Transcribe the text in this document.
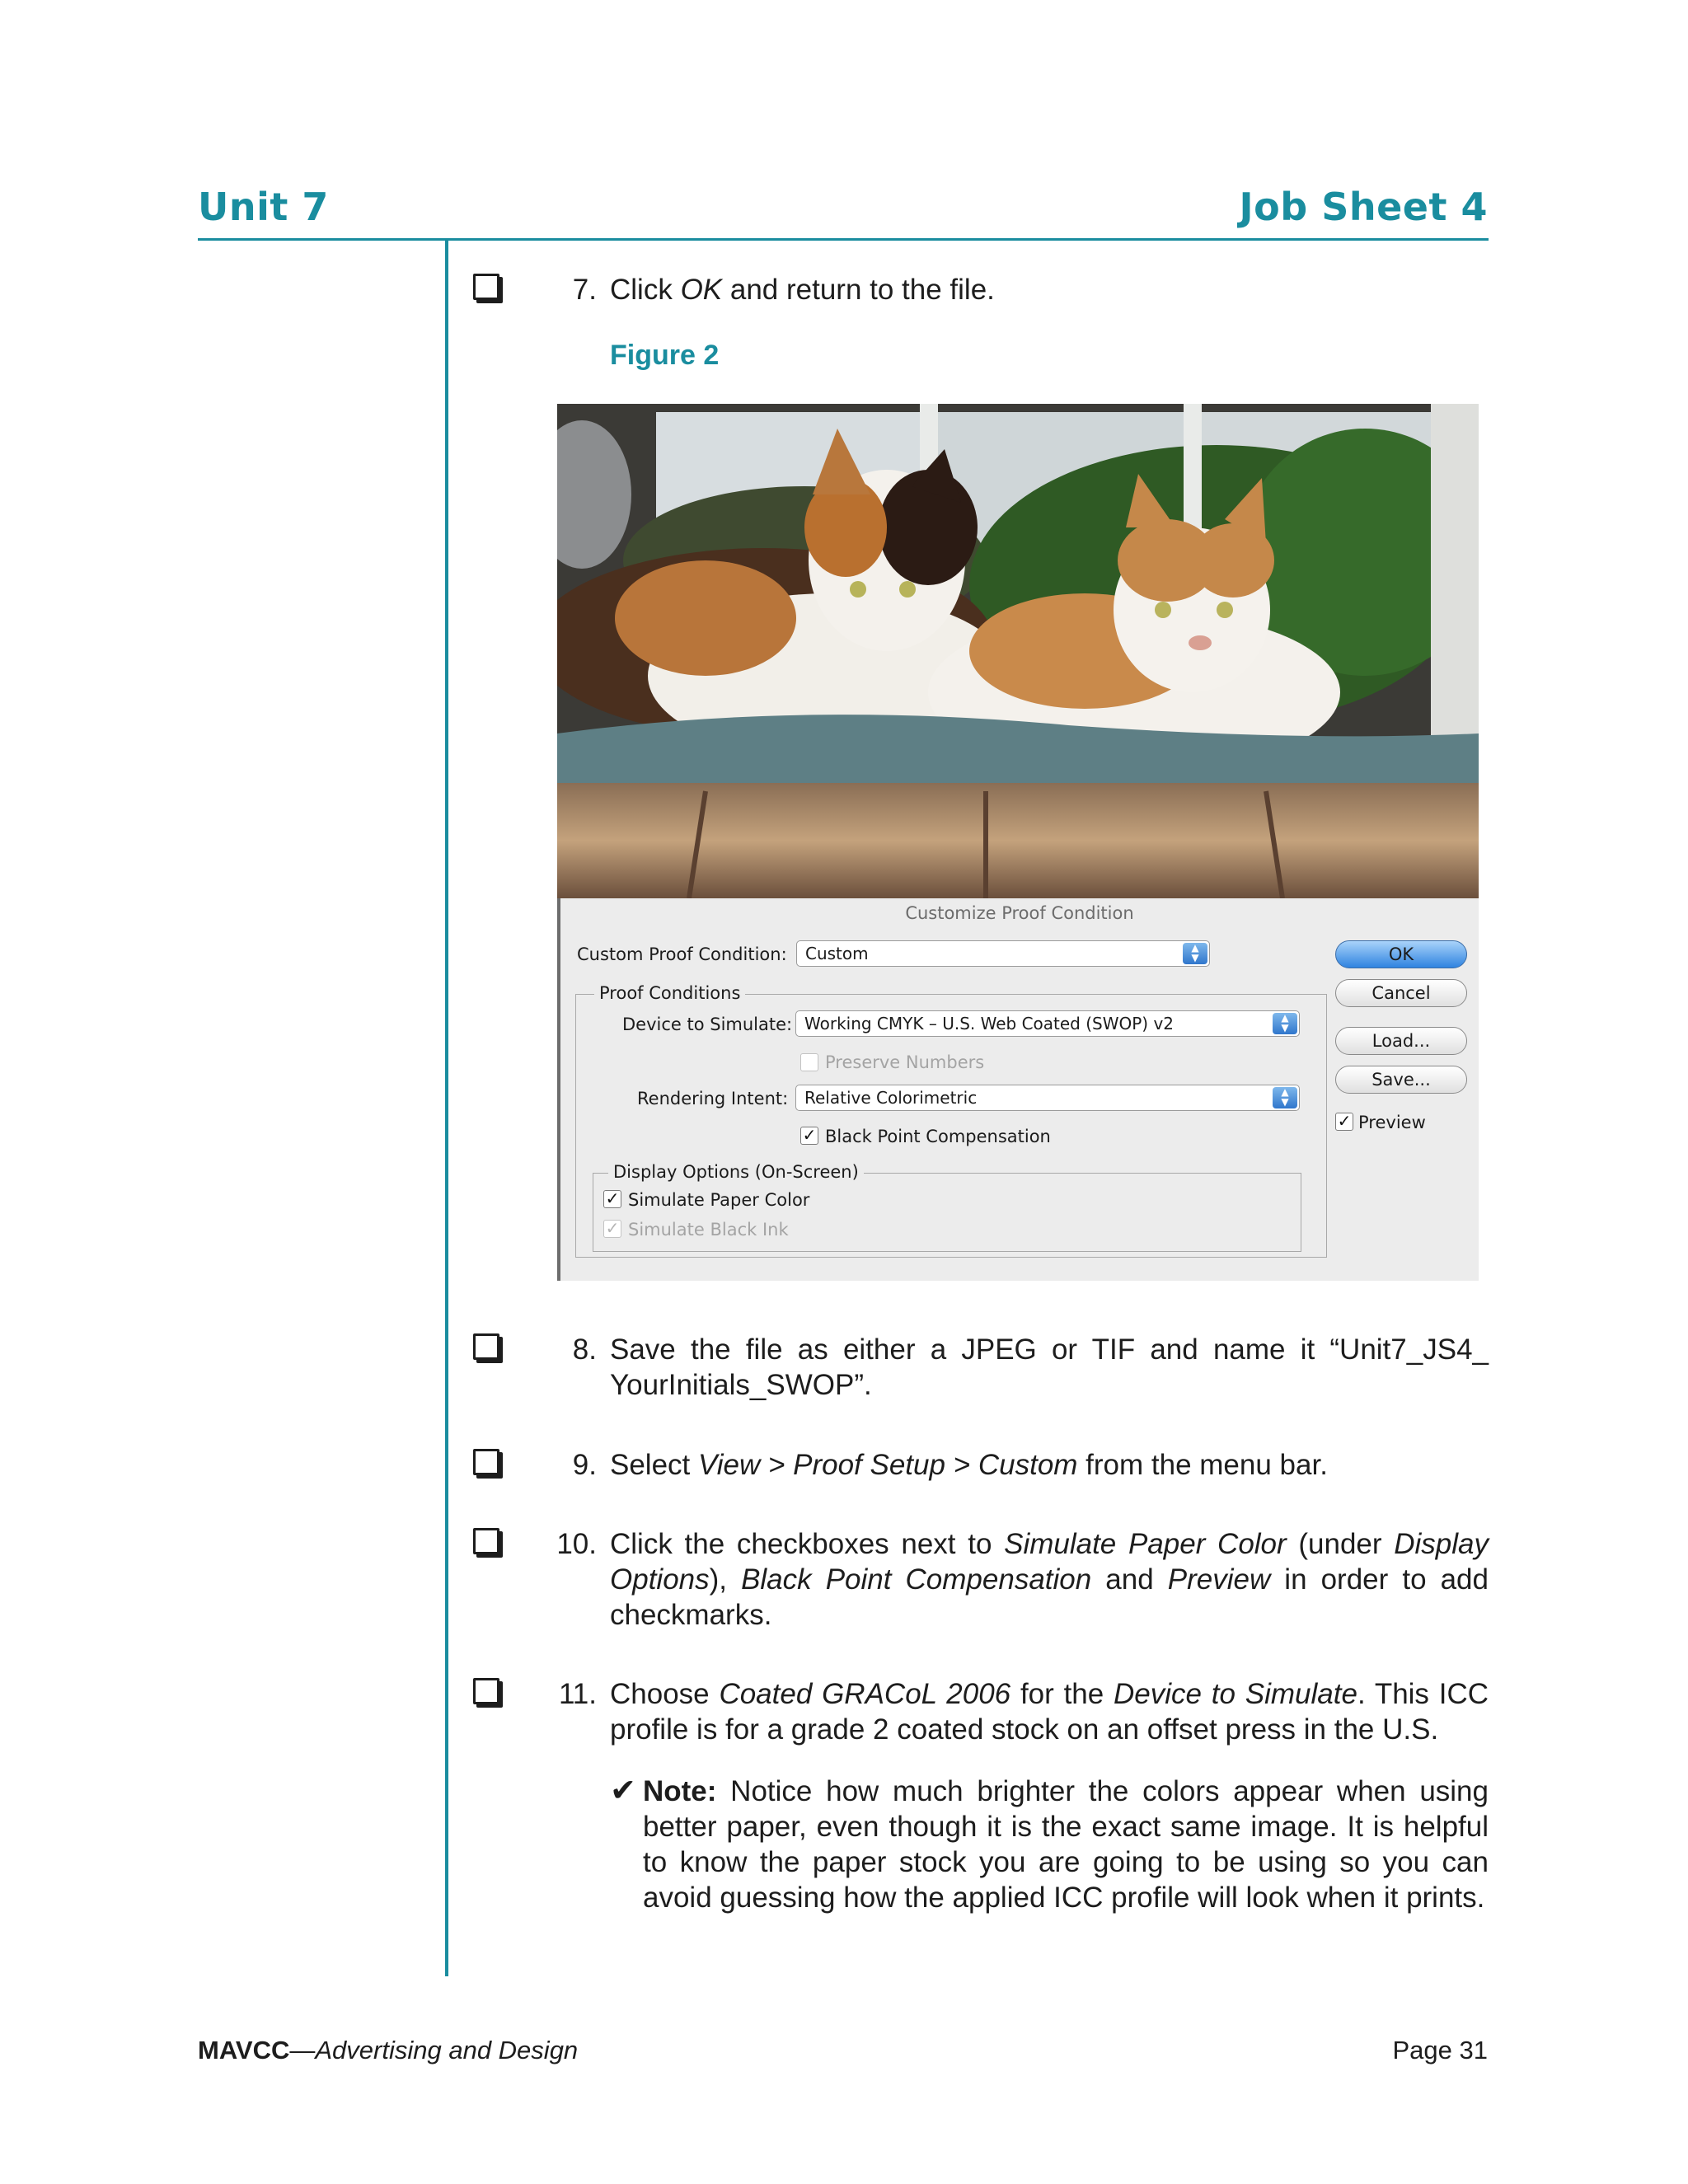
Unit 7	Job Sheet 4
7. Click OK and return to the file.
Figure 2
Customize Proof Condition
Custom Proof Condition:	Custom	▲
▼
Proof Conditions
Device to Simulate: Working CMYK – U.S. Web Coated (SWOP) v2	▲
▼
Preserve Numbers
Rendering Intent: Relative Colorimetric	▲
▼
✓ Black Point Compensation
Display Options (On-Screen)
✓ Simulate Paper Color
✓ Simulate Black Ink
OK
Cancel
Load...
Save...
✓ Preview
8. Save the file as either a JPEG or TIF and name it “Unit7_JS4_ YourInitials_SWOP”.
9. Select View > Proof Setup > Custom from the menu bar.
10. Click the checkboxes next to Simulate Paper Color (under Display Options), Black Point Compensation and Preview in order to add checkmarks.
11. Choose Coated GRACoL 2006 for the Device to Simulate. This ICC profile is for a grade 2 coated stock on an offset press in the U.S.
✔ Note: Notice how much brighter the colors appear when using better paper, even though it is the exact same image. It is helpful to know the paper stock you are going to be using so you can avoid guessing how the applied ICC profile will look when it prints.
MAVCC—Advertising and Design	Page 31
